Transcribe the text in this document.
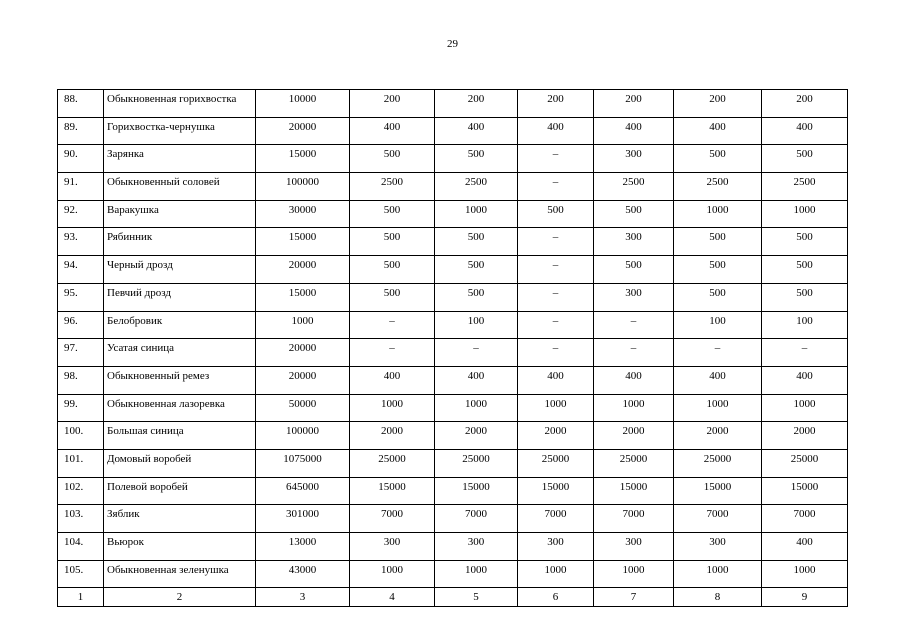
29
88.	Обыкновенная горихвостка	10000	200	200	200	200	200	200

89.	Горихвостка-чернушка	20000	400	400	400	400	400	400

90.	Зарянка	15000	500	500	–	300	500	500

91.	Обыкновенный соловей	100000	2500	2500	–	2500	2500	2500

92.	Варакушка	30000	500	1000	500	500	1000	1000

93.	Рябинник	15000	500	500	–	300	500	500

94.	Черный дрозд	20000	500	500	–	500	500	500

95.	Певчий дрозд	15000	500	500	–	300	500	500

96.	Белобровик	1000	–	100	–	–	100	100

97.	Усатая синица	20000	–	–	–	–	–	–

98.	Обыкновенный ремез	20000	400	400	400	400	400	400

99.	Обыкновенная лазоревка	50000	1000	1000	1000	1000	1000	1000

100.	Большая синица	100000	2000	2000	2000	2000	2000	2000

101.	Домовый воробей	1075000	25000	25000	25000	25000	25000	25000

102.	Полевой воробей	645000	15000	15000	15000	15000	15000	15000

103.	Зяблик	301000	7000	7000	7000	7000	7000	7000

104.	Вьюрок	13000	300	300	300	300	300	400

105.	Обыкновенная зеленушка	43000	1000	1000	1000	1000	1000	1000

1	2	3	4	5	6	7	8	9
